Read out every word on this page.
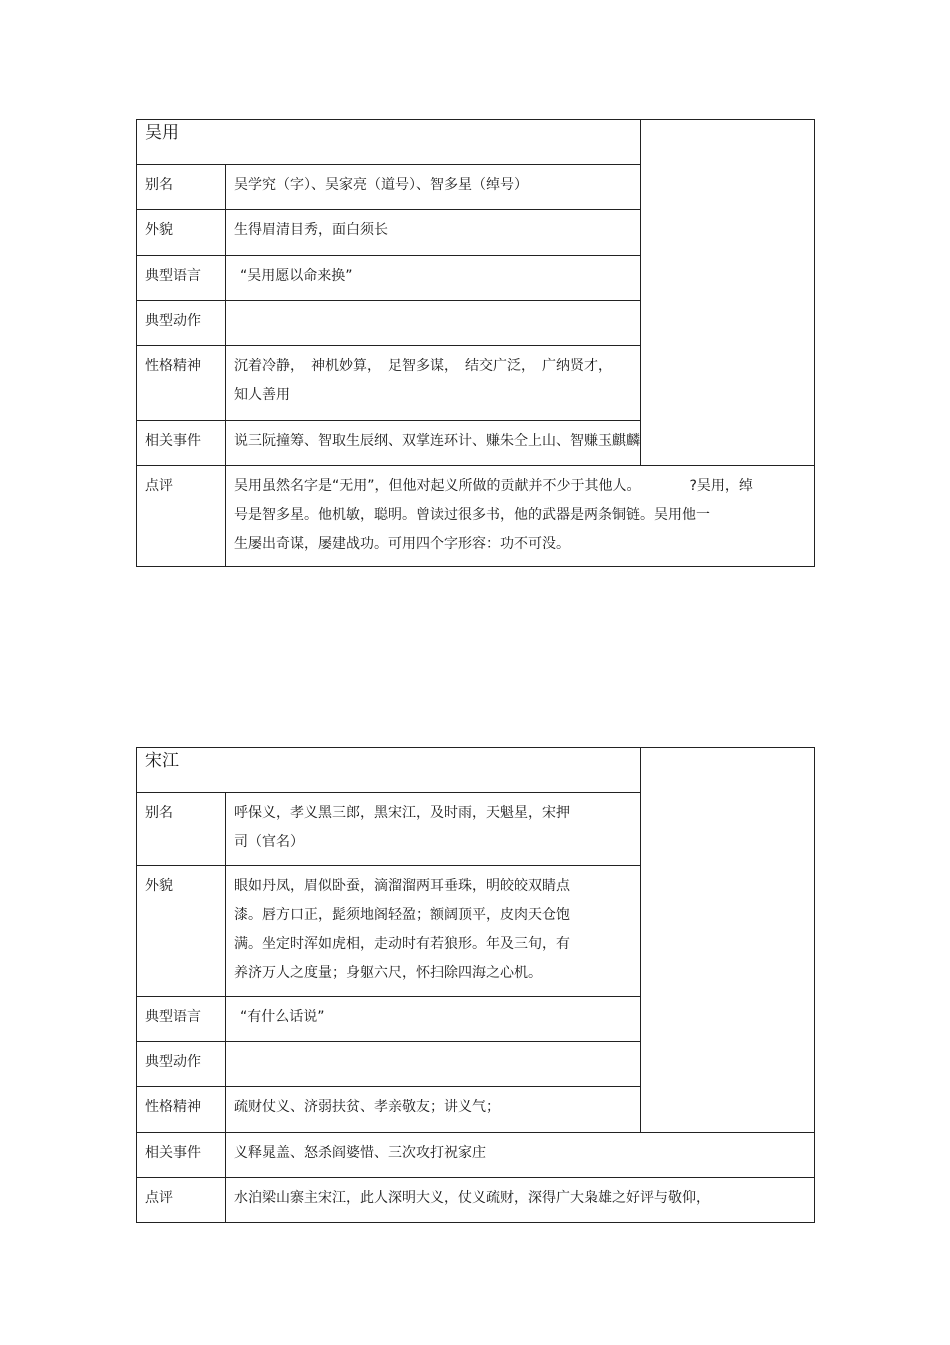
吴用		
别名	吴学究（字）、吴家亮（道号）、智多星（绰号）	

外貌	生得眉清目秀，面白须长	

典型语言	“吴用愿以命来换”	

典型动作		

性格精神	沉着冷静，　神机妙算，　足智多谋，　结交广泛，　广纳贤才，
知人善用	

相关事件	说三阮撞筹、智取生辰纲、双掌连环计、赚朱仝上山、智赚玉麒麟	

点评	吴用虽然名字是“无用”，但他对起义所做的贡献并不少于其他人。　　　　?吴用，绰
号是智多星。他机敏，聪明。曾读过很多书，他的武器是两条铜链。吴用他一
生屡出奇谋，屡建战功。可用四个字形容：功不可没。	
宋江		
别名	呼保义，孝义黑三郎，黑宋江，及时雨，天魁星，宋押
司（官名）	

外貌	眼如丹凤，眉似卧蚕，滴溜溜两耳垂珠，明皎皎双睛点
漆。唇方口正，髭须地阁轻盈；额阔顶平，皮肉天仓饱
满。坐定时浑如虎相，走动时有若狼形。年及三旬，有
养济万人之度量；身躯六尺，怀扫除四海之心机。	

典型语言	“有什么话说”	

典型动作		

性格精神	疏财仗义、济弱扶贫、孝亲敬友；讲义气；	

相关事件	义释晁盖、怒杀阎婆惜、三次攻打祝家庄	

点评	水泊梁山寨主宋江，此人深明大义，仗义疏财，深得广大枭雄之好评与敬仰，	
